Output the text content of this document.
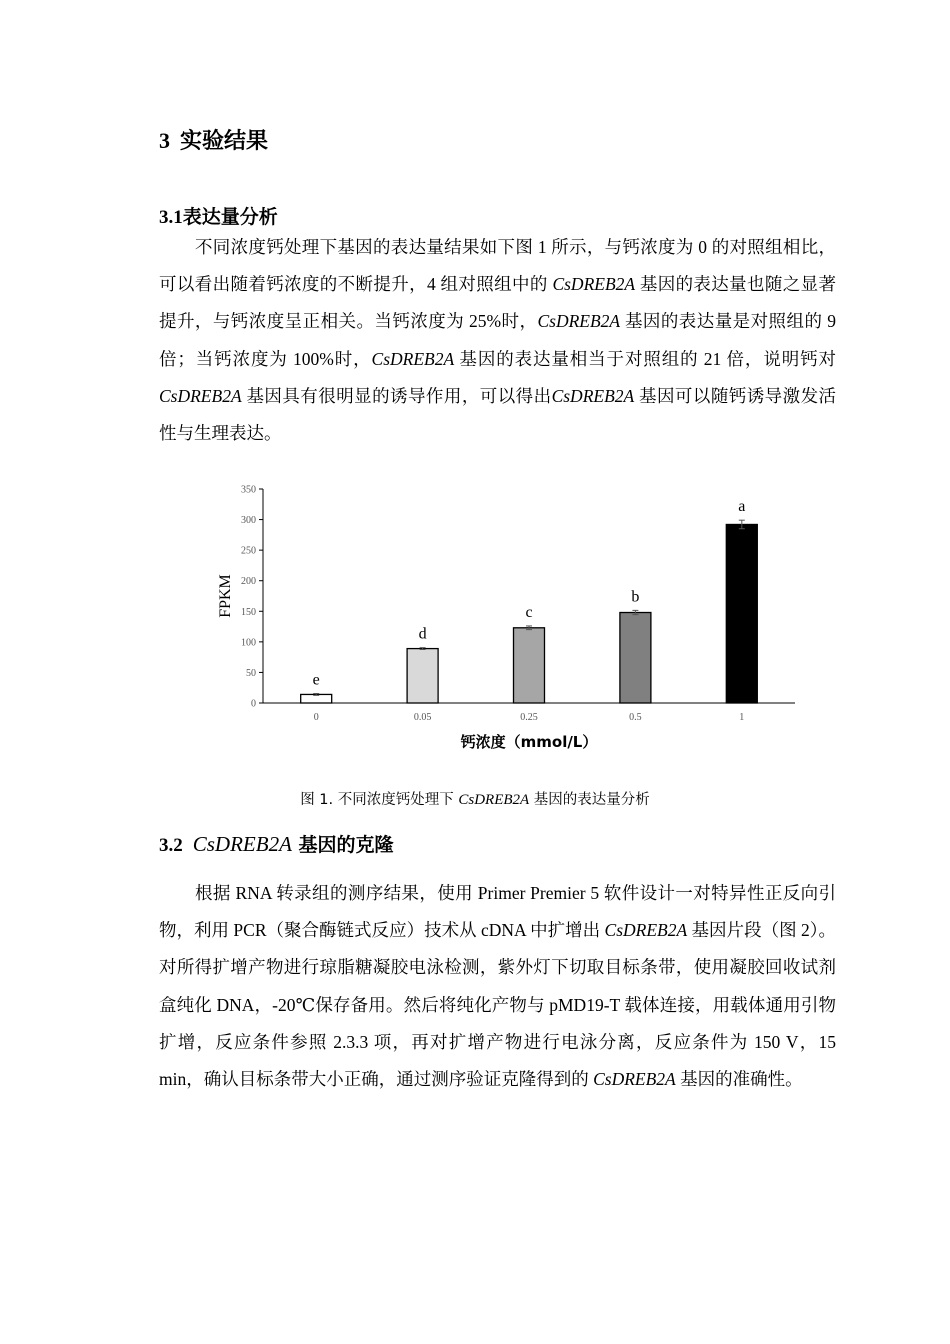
3 实验结果
3.1表达量分析

不同浓度钙处理下基因的表达量结果如下图 1 所示，与钙浓度为 0 的对照组相比，可以看出随着钙浓度的不断提升，4 组对照组中的 CsDREB2A 基因的表达量也随之显著提升，与钙浓度呈正相关。当钙浓度为 25%时，CsDREB2A 基因的表达量是对照组的 9 倍；当钙浓度为 100%时，CsDREB2A 基因的表达量相当于对照组的 21 倍，说明钙对 CsDREB2A 基因具有很明显的诱导作用，可以得出CsDREB2A 基因可以随钙诱导激发活性与生理表达。

0
50
100
150
200
250
300
350
FPKM
e
0
d
0.05
c
0.25
b
0.5
a
1
钙浓度（mmol/L）
图 1. 不同浓度钙处理下 CsDREB2A 基因的表达量分析
3.2 CsDREB2A 基因的克隆

根据 RNA 转录组的测序结果，使用 Primer Premier 5 软件设计一对特异性正反向引物，利用 PCR（聚合酶链式反应）技术从 cDNA 中扩增出 CsDREB2A 基因片段（图 2）。对所得扩增产物进行琼脂糖凝胶电泳检测，紫外灯下切取目标条带，使用凝胶回收试剂盒纯化 DNA，-20℃保存备用。然后将纯化产物与 pMD19-T 载体连接，用载体通用引物扩增，反应条件参照 2.3.3 项，再对扩增产物进行电泳分离，反应条件为 150 V，15 min，确认目标条带大小正确，通过测序验证克隆得到的 CsDREB2A 基因的准确性。
